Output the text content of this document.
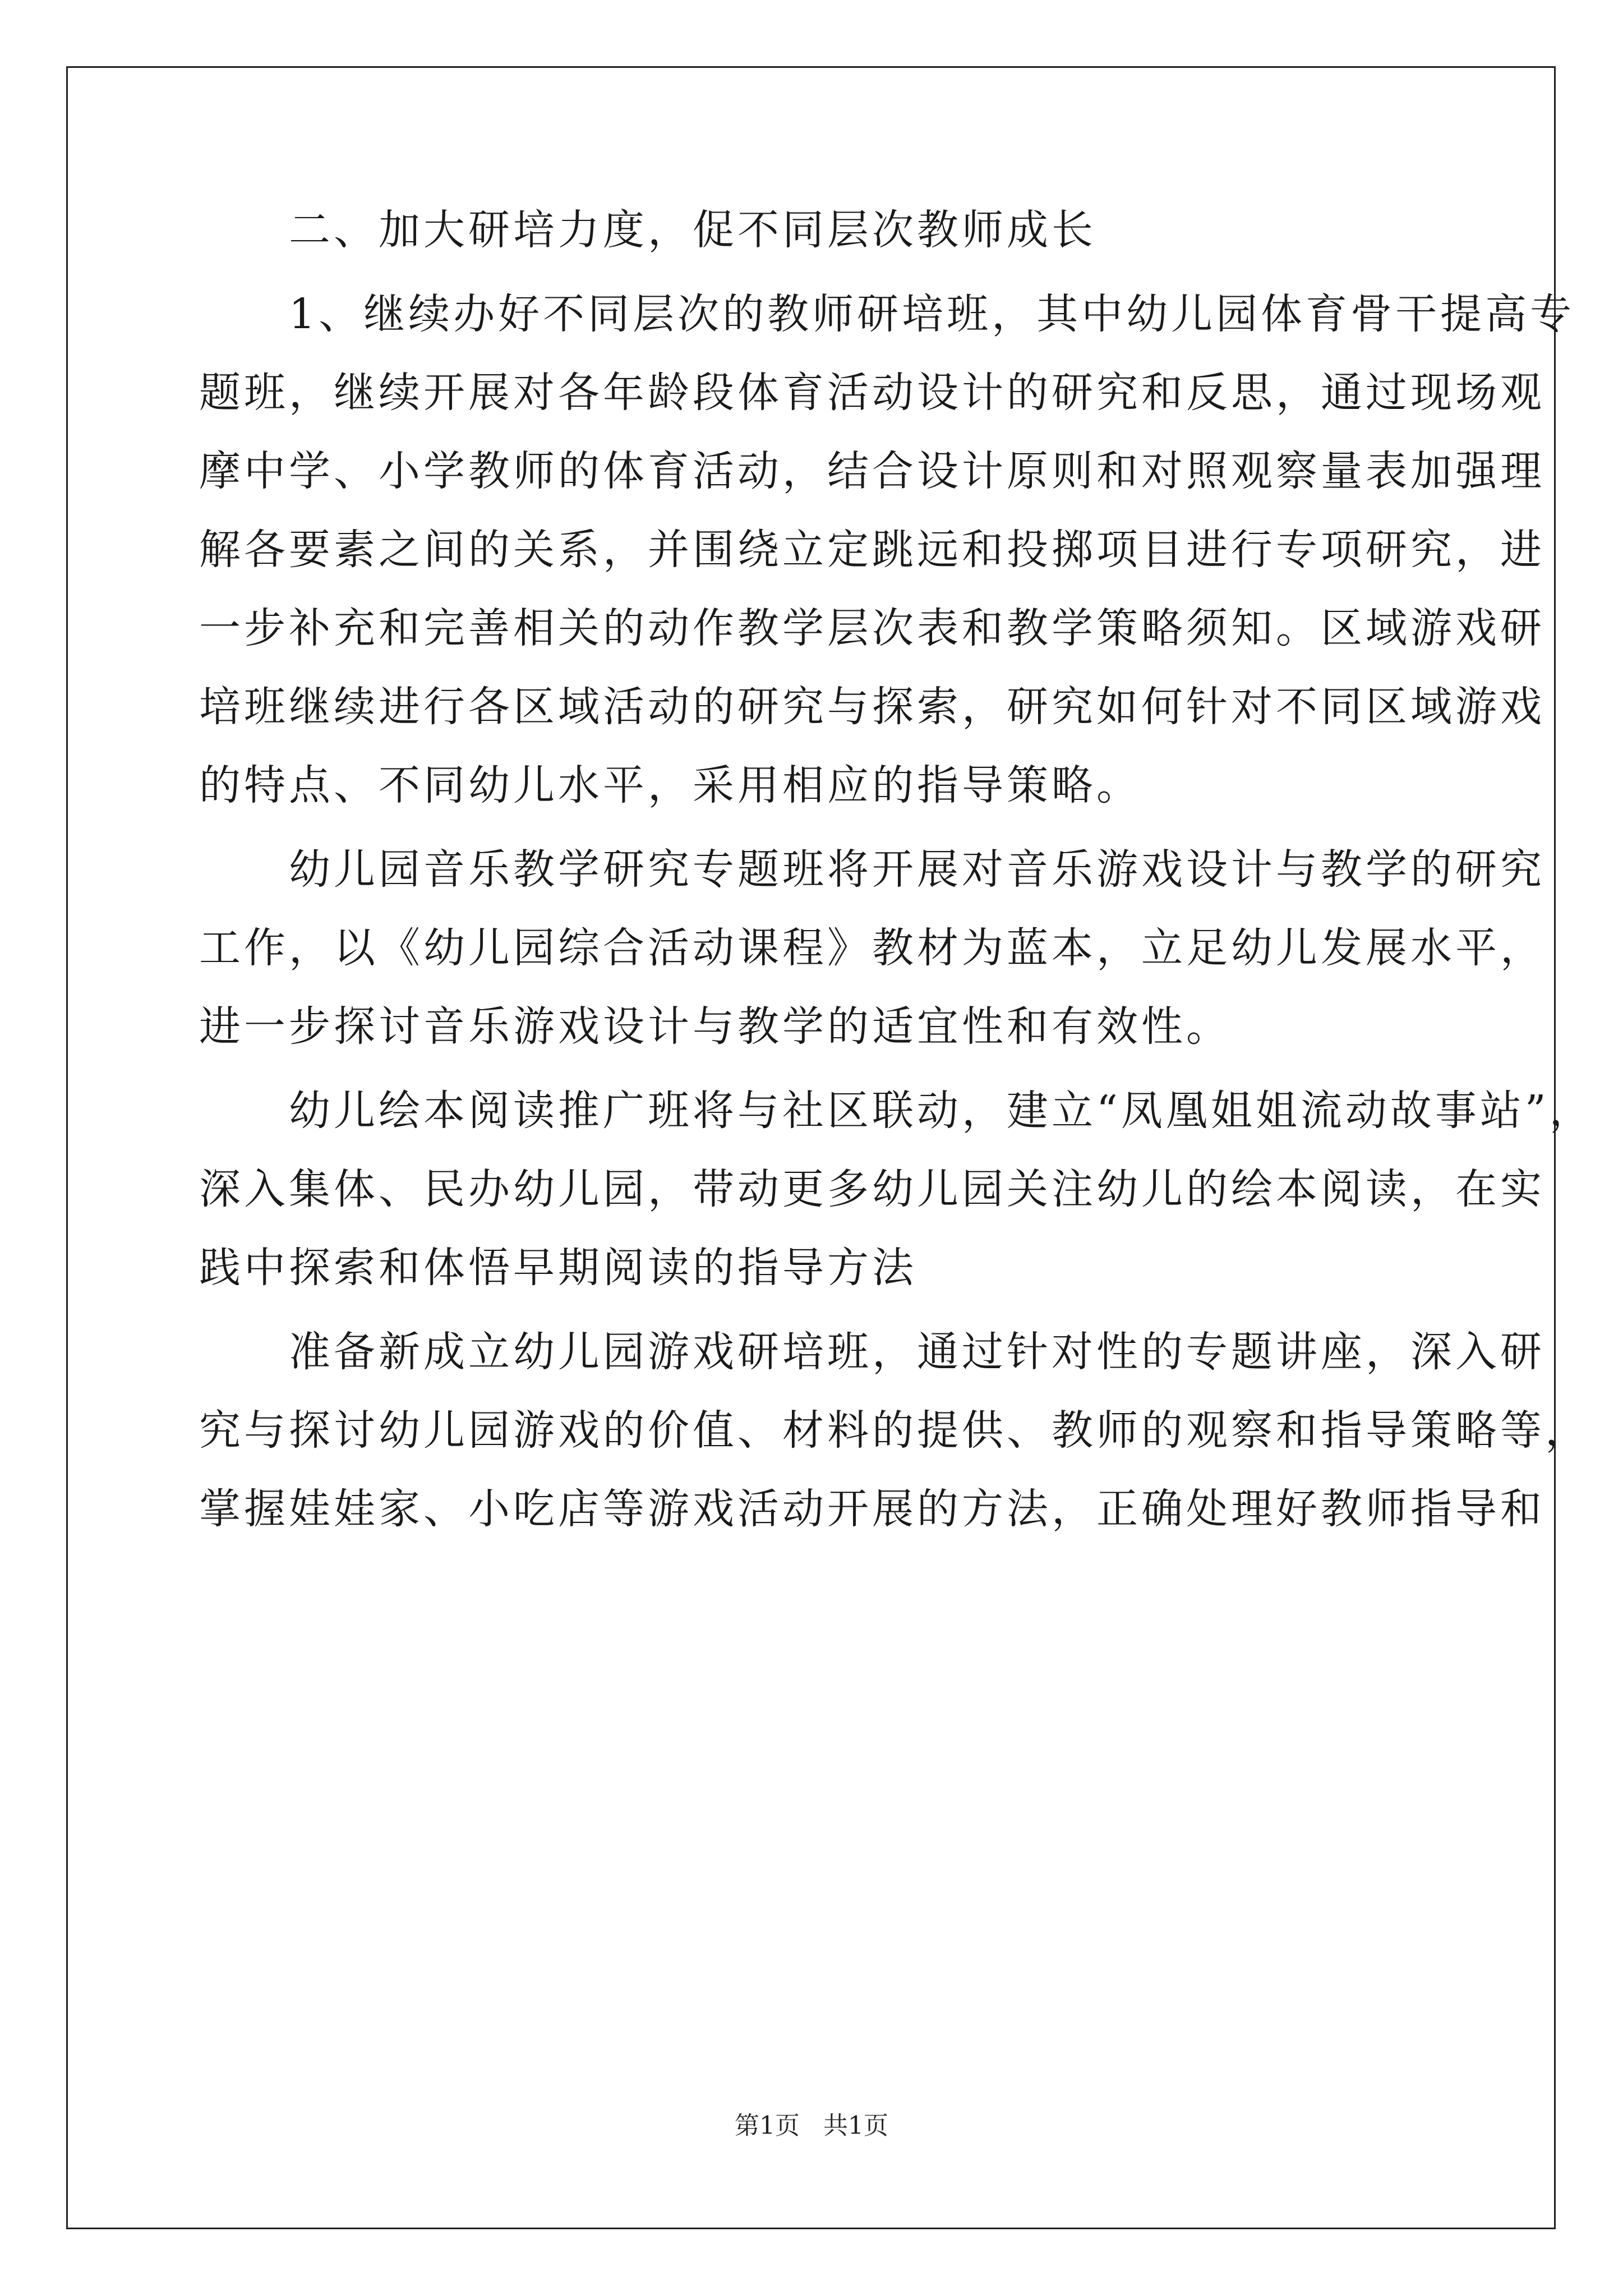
　　二、加大研培力度，促不同层次教师成长
　　1、继续办好不同层次的教师研培班，其中幼儿园体育骨干提高专
题班，继续开展对各年龄段体育活动设计的研究和反思，通过现场观
摩中学、小学教师的体育活动，结合设计原则和对照观察量表加强理
解各要素之间的关系，并围绕立定跳远和投掷项目进行专项研究，进
一步补充和完善相关的动作教学层次表和教学策略须知。区域游戏研
培班继续进行各区域活动的研究与探索，研究如何针对不同区域游戏
的特点、不同幼儿水平，采用相应的指导策略。
　　幼儿园音乐教学研究专题班将开展对音乐游戏设计与教学的研究
工作，以《幼儿园综合活动课程》教材为蓝本，立足幼儿发展水平，
进一步探讨音乐游戏设计与教学的适宜性和有效性。
　　幼儿绘本阅读推广班将与社区联动，建立“凤凰姐姐流动故事站”，
深入集体、民办幼儿园，带动更多幼儿园关注幼儿的绘本阅读，在实
践中探索和体悟早期阅读的指导方法
　　准备新成立幼儿园游戏研培班，通过针对性的专题讲座，深入研
究与探讨幼儿园游戏的价值、材料的提供、教师的观察和指导策略等，
掌握娃娃家、小吃店等游戏活动开展的方法，正确处理好教师指导和
第1页 共1页
